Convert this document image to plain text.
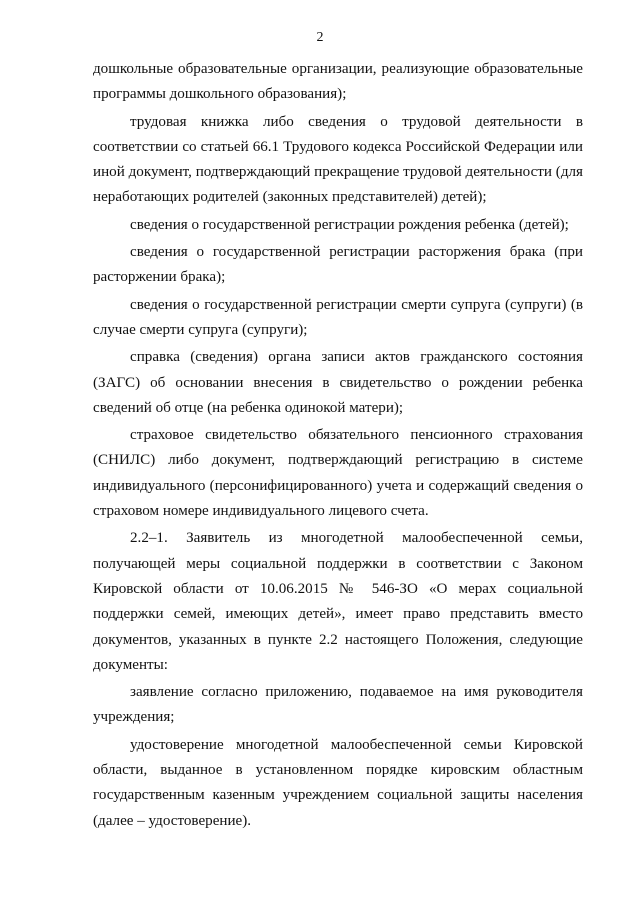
2

дошкольные образовательные организации, реализующие образовательные программы дошкольного образования);

трудовая книжка либо сведения о трудовой деятельности в соответствии со статьей 66.1 Трудового кодекса Российской Федерации или иной документ, подтверждающий прекращение трудовой деятельности (для неработающих родителей (законных представителей) детей);

сведения о государственной регистрации рождения ребенка (детей);

сведения о государственной регистрации расторжения брака (при расторжении брака);

сведения о государственной регистрации смерти супруга (супруги) (в случае смерти супруга (супруги);

справка (сведения) органа записи актов гражданского состояния (ЗАГС) об основании внесения в свидетельство о рождении ребенка сведений об отце (на ребенка одинокой матери);

страховое свидетельство обязательного пенсионного страхования (СНИЛС) либо документ, подтверждающий регистрацию в системе индивидуального (персонифицированного) учета и содержащий сведения о страховом номере индивидуального лицевого счета.

2.2–1. Заявитель из многодетной малообеспеченной семьи, получающей меры социальной поддержки в соответствии с Законом Кировской области от 10.06.2015 № 546-ЗО «О мерах социальной поддержки семей, имеющих детей», имеет право представить вместо документов, указанных в пункте 2.2 настоящего Положения, следующие документы:

заявление согласно приложению, подаваемое на имя руководителя учреждения;

удостоверение многодетной малообеспеченной семьи Кировской области, выданное в установленном порядке кировским областным государственным казенным учреждением социальной защиты населения (далее – удостоверение).
